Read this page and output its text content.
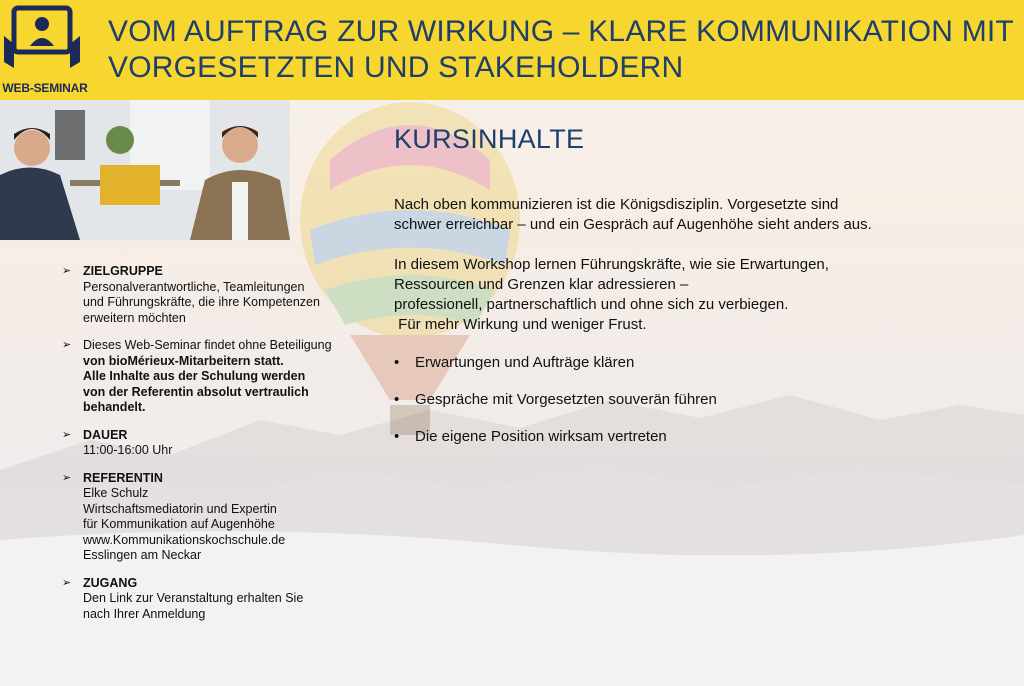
WEB-SEMINAR
VOM AUFTRAG ZUR WIRKUNG – KLARE KOMMUNIKATION MIT
VORGESETZTEN UND STAKEHOLDERN
➢ ZIELGRUPPE
Personalverantwortliche, Teamleitungen
und Führungskräfte, die ihre Kompetenzen
erweitern möchten
➢ Dieses Web-Seminar findet ohne Beteiligung
von bioMérieux-Mitarbeitern statt.
Alle Inhalte aus der Schulung werden
von der Referentin absolut vertraulich
behandelt.
➢ DAUER
11:00-16:00 Uhr
➢ REFERENTIN
Elke Schulz
Wirtschaftsmediatorin und Expertin
für Kommunikation auf Augenhöhe
www.Kommunikationskochschule.de
Esslingen am Neckar
➢ ZUGANG
Den Link zur Veranstaltung erhalten Sie
nach Ihrer Anmeldung
KURSINHALTE

Nach oben kommunizieren ist die Königsdisziplin. Vorgesetzte sind
schwer erreichbar – und ein Gespräch auf Augenhöhe sieht anders aus.

In diesem Workshop lernen Führungskräfte, wie sie Erwartungen,
Ressourcen und Grenzen klar adressieren –
professionell, partnerschaftlich und ohne sich zu verbiegen.
Für mehr Wirkung und weniger Frust.

• Erwartungen und Aufträge klären
• Gespräche mit Vorgesetzten souverän führen
• Die eigene Position wirksam vertreten
